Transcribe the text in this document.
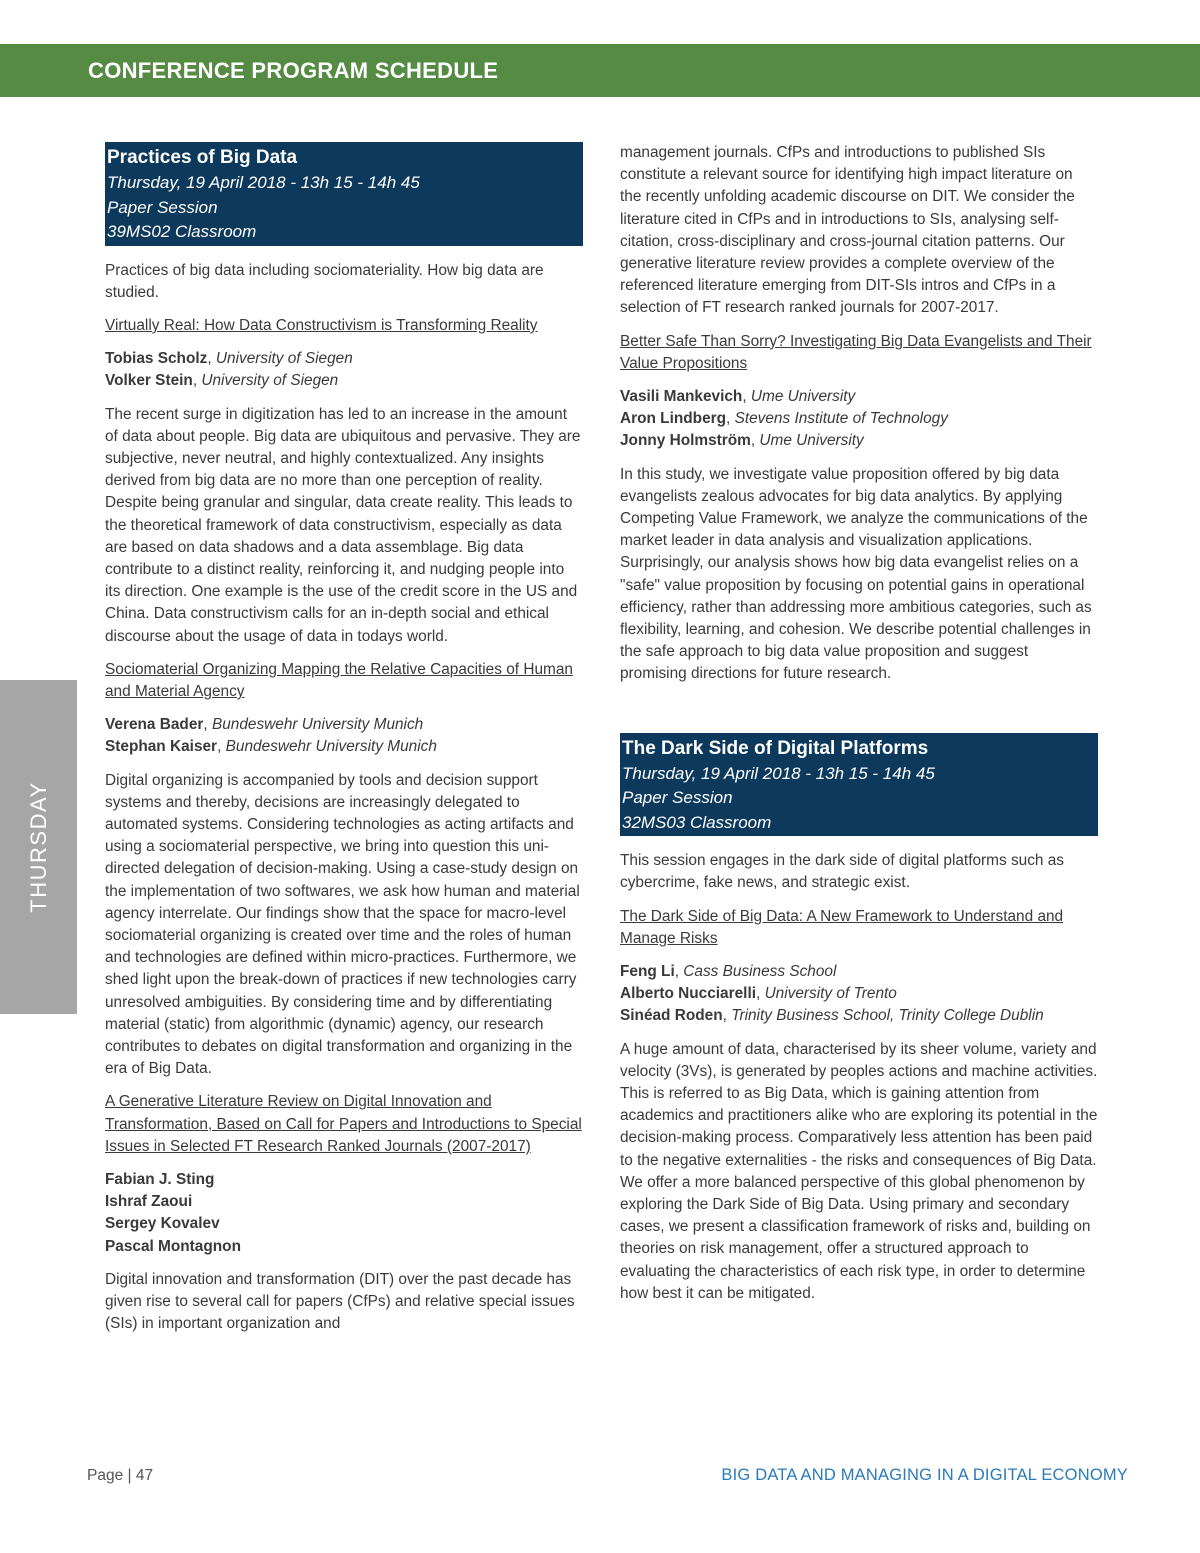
CONFERENCE PROGRAM SCHEDULE
THURSDAY
Practices of Big Data
Thursday, 19 April 2018 - 13h 15 - 14h 45
Paper Session
39MS02 Classroom

Practices of big data including sociomateriality. How big data are studied.

Virtually Real: How Data Constructivism is Transforming Reality

Tobias Scholz, University of Siegen
Volker Stein, University of Siegen

The recent surge in digitization has led to an increase in the amount of data about people. Big data are ubiquitous and pervasive. They are subjective, never neutral, and highly contextualized. Any insights derived from big data are no more than one perception of reality. Despite being granular and singular, data create reality. This leads to the theoretical framework of data constructivism, especially as data are based on data shadows and a data assemblage. Big data contribute to a distinct reality, reinforcing it, and nudging people into its direction. One example is the use of the credit score in the US and China. Data constructivism calls for an in-depth social and ethical discourse about the usage of data in todays world.

Sociomaterial Organizing Mapping the Relative Capacities of Human and Material Agency

Verena Bader, Bundeswehr University Munich
Stephan Kaiser, Bundeswehr University Munich

Digital organizing is accompanied by tools and decision support systems and thereby, decisions are increasingly delegated to automated systems. Considering technologies as acting artifacts and using a sociomaterial perspective, we bring into question this uni-directed delegation of decision-making. Using a case-study design on the implementation of two softwares, we ask how human and material agency interrelate. Our findings show that the space for macro-level sociomaterial organizing is created over time and the roles of human and technologies are defined within micro-practices. Furthermore, we shed light upon the break-down of practices if new technologies carry unresolved ambiguities. By considering time and by differentiating material (static) from algorithmic (dynamic) agency, our research contributes to debates on digital transformation and organizing in the era of Big Data.

A Generative Literature Review on Digital Innovation and Transformation, Based on Call for Papers and Introductions to Special Issues in Selected FT Research Ranked Journals (2007-2017)

Fabian J. Sting
Ishraf Zaoui
Sergey Kovalev
Pascal Montagnon

Digital innovation and transformation (DIT) over the past decade has given rise to several call for papers (CfPs) and relative special issues (SIs) in important organization and

management journals. CfPs and introductions to published SIs constitute a relevant source for identifying high impact literature on the recently unfolding academic discourse on DIT. We consider the literature cited in CfPs and in introductions to SIs, analysing self-citation, cross-disciplinary and cross-journal citation patterns. Our generative literature review provides a complete overview of the referenced literature emerging from DIT-SIs intros and CfPs in a selection of FT research ranked journals for 2007-2017.

Better Safe Than Sorry? Investigating Big Data Evangelists and Their Value Propositions

Vasili Mankevich, Ume University
Aron Lindberg, Stevens Institute of Technology
Jonny Holmström, Ume University

In this study, we investigate value proposition offered by big data evangelists zealous advocates for big data analytics. By applying Competing Value Framework, we analyze the communications of the market leader in data analysis and visualization applications. Surprisingly, our analysis shows how big data evangelist relies on a "safe" value proposition by focusing on potential gains in operational efficiency, rather than addressing more ambitious categories, such as flexibility, learning, and cohesion. We describe potential challenges in the safe approach to big data value proposition and suggest promising directions for future research.

The Dark Side of Digital Platforms
Thursday, 19 April 2018 - 13h 15 - 14h 45
Paper Session
32MS03 Classroom

This session engages in the dark side of digital platforms such as cybercrime, fake news, and strategic exist.

The Dark Side of Big Data: A New Framework to Understand and Manage Risks

Feng Li, Cass Business School
Alberto Nucciarelli, University of Trento
Sinéad Roden, Trinity Business School, Trinity College Dublin

A huge amount of data, characterised by its sheer volume, variety and velocity (3Vs), is generated by peoples actions and machine activities. This is referred to as Big Data, which is gaining attention from academics and practitioners alike who are exploring its potential in the decision-making process. Comparatively less attention has been paid to the negative externalities - the risks and consequences of Big Data. We offer a more balanced perspective of this global phenomenon by exploring the Dark Side of Big Data. Using primary and secondary cases, we present a classification framework of risks and, building on theories on risk management, offer a structured approach to evaluating the characteristics of each risk type, in order to determine how best it can be mitigated.

Page | 47	BIG DATA AND MANAGING IN A DIGITAL ECONOMY
